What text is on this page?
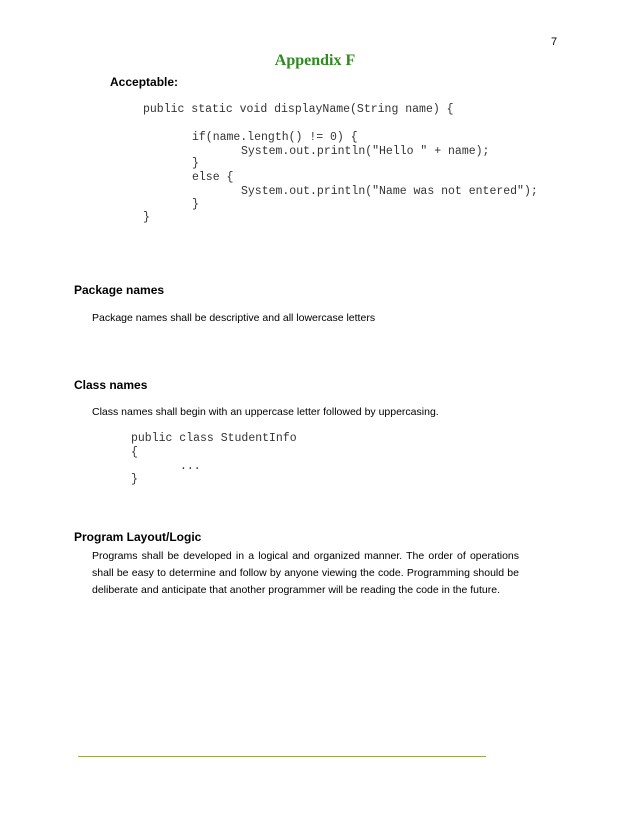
7
Appendix F
Acceptable:
public static void displayName(String name) {
if(name.length() != 0) {
System.out.println("Hello " + name);
}
else {
System.out.println("Name was not entered");
}
}
Package names
Package names shall be descriptive and all lowercase letters
Class names
Class names shall begin with an uppercase letter followed by uppercasing.
public class StudentInfo
{
...
}
Program Layout/Logic
Programs shall be developed in a logical and organized manner. The order of operations shall be easy to determine and follow by anyone viewing the code. Programming should be deliberate and anticipate that another programmer will be reading the code in the future.
